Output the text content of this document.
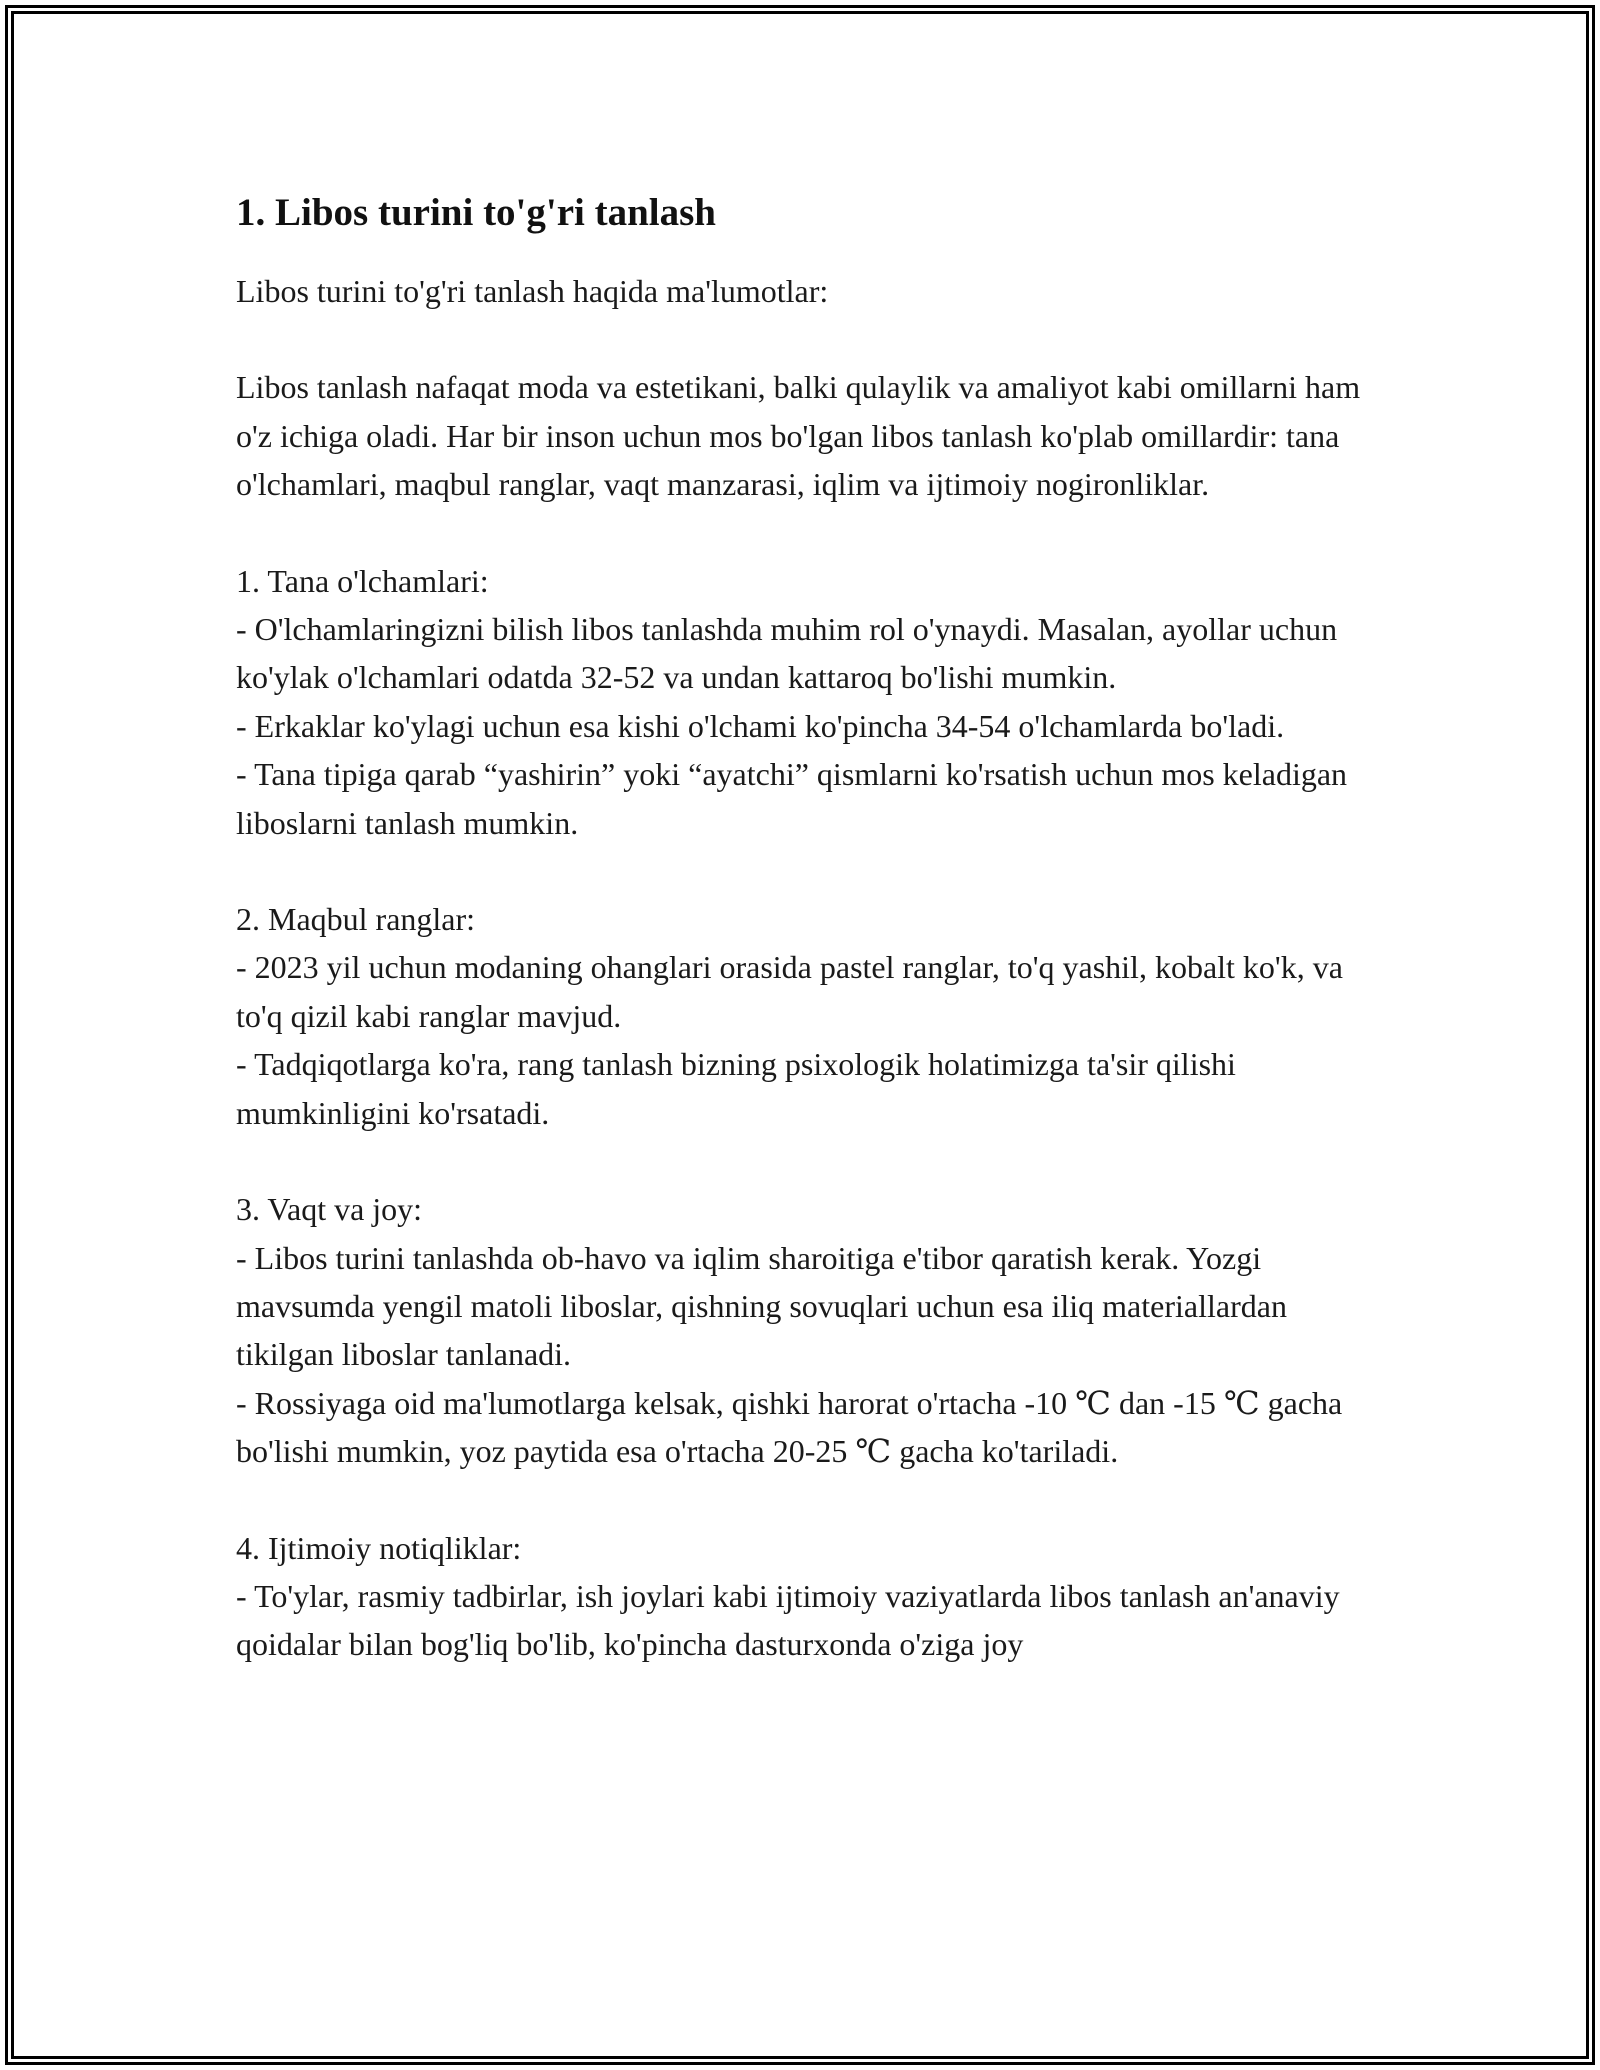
1. Libos turini to'g'ri tanlash

Libos turini to'g'ri tanlash haqida ma'lumotlar:

Libos tanlash nafaqat moda va estetikani, balki qulaylik va amaliyot kabi omillarni ham o'z ichiga oladi. Har bir inson uchun mos bo'lgan libos tanlash ko'plab omillardir: tana o'lchamlari, maqbul ranglar, vaqt manzarasi, iqlim va ijtimoiy nogironliklar.

1. Tana o'lchamlari:

- O'lchamlaringizni bilish libos tanlashda muhim rol o'ynaydi. Masalan, ayollar uchun ko'ylak o'lchamlari odatda 32-52 va undan kattaroq bo'lishi mumkin.

- Erkaklar ko'ylagi uchun esa kishi o'lchami ko'pincha 34-54 o'lchamlarda bo'ladi.

- Tana tipiga qarab “yashirin” yoki “ayatchi” qismlarni ko'rsatish uchun mos keladigan liboslarni tanlash mumkin.

2. Maqbul ranglar:

- 2023 yil uchun modaning ohanglari orasida pastel ranglar, to'q yashil, kobalt ko'k, va to'q qizil kabi ranglar mavjud.

- Tadqiqotlarga ko'ra, rang tanlash bizning psixologik holatimizga ta'sir qilishi mumkinligini ko'rsatadi.

3. Vaqt va joy:

- Libos turini tanlashda ob-havo va iqlim sharoitiga e'tibor qaratish kerak. Yozgi mavsumda yengil matoli liboslar, qishning sovuqlari uchun esa iliq materiallardan tikilgan liboslar tanlanadi.

- Rossiyaga oid ma'lumotlarga kelsak, qishki harorat o'rtacha -10 ℃ dan -15 ℃ gacha bo'lishi mumkin, yoz paytida esa o'rtacha 20-25 ℃ gacha ko'tariladi.

4. Ijtimoiy notiqliklar:

- To'ylar, rasmiy tadbirlar, ish joylari kabi ijtimoiy vaziyatlarda libos tanlash an'anaviy qoidalar bilan bog'liq bo'lib, ko'pincha dasturxonda o'ziga joy
